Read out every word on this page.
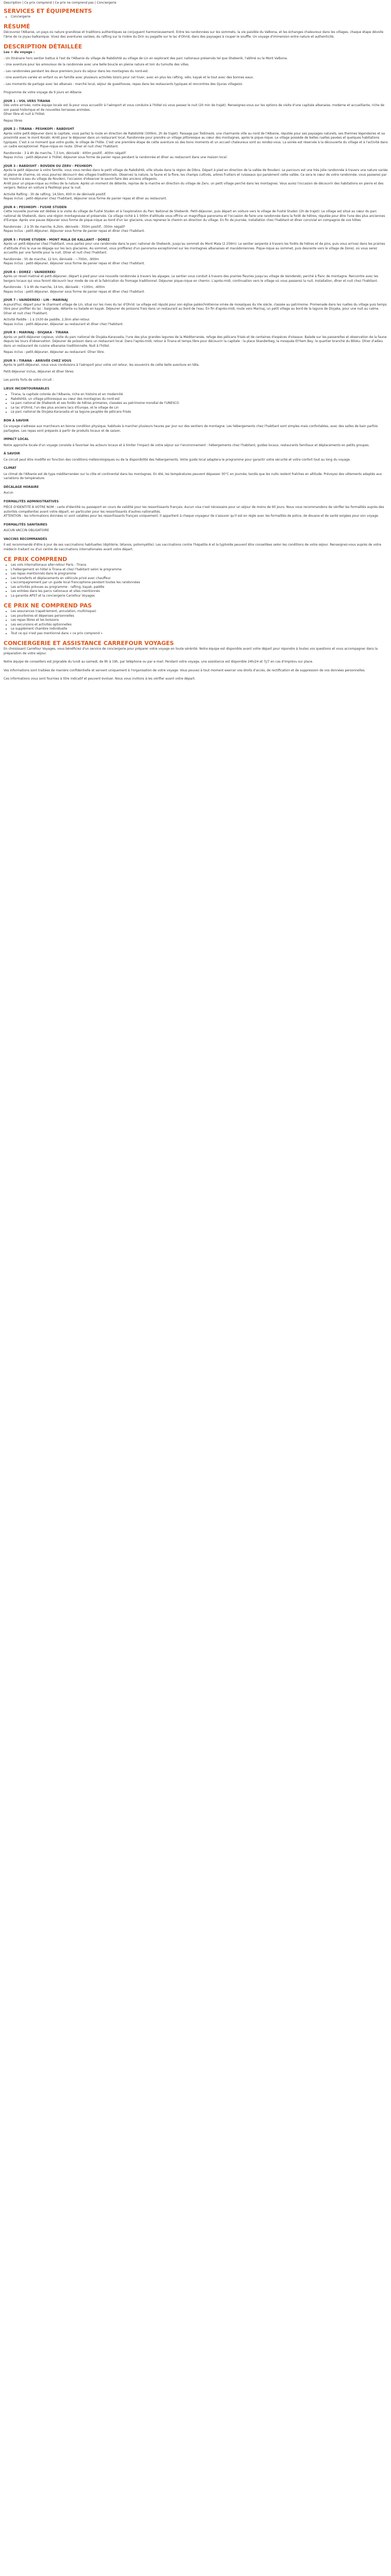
Description | Ce prix comprend | Ce prix ne comprend pas | Conciergerie
SERVICES ET ÉQUIPEMENTS
• Conciergerie
RÉSUMÉ

Découvrez l'Albanie, un pays où nature grandiose et traditions authentiques se conjuguent harmonieusement. Entre les randonnées sur les sommets, la vie paisible du Valbona, et les échanges chaleureux dans les villages, chaque étape dévoile l'âme de ce joyau balkanique. Vivez des aventures variées, du rafting sur la rivière du Drin ou pagaille sur le lac d'Ohrid, dans des paysages à couper le souffle. Un voyage d'immersion entre nature et authenticité.

DESCRIPTION DÉTAILLÉE

Les + du voyage :

- Un itinéraire hors sentier battus à l'est de l'Albanie du village de Rabdishtë au village de Lin en explorant des parc nationaux préservés tel que Shebenik, l'abîmé ou le Mont Valbona.

- Une aventure pour les amoureux de la randonnée avec une belle boucle en pleine nature et loin du tumulte des villes.

- Les randonnées pendant les deux premiers jours du séjour dans les montagnes du nord-est.

- Une aventure variée en enfant ou en famille avec plusieurs activités loisirs pour cet hiver, avec en plus les rafting, vélo, kayak et le tout avec des bonnes eaux.

- Les moments de partage avec les albanais : marché local, séjour de guesthouse, repas dans les restaurants typiques et rencontres des Gjuras villageois

Programme de votre voyage de 9 jours en Albanie

JOUR 1 : VOL VERS TIRANA

Dès votre arrivée, notre équipe locale est là pour vous accueillir à l'aéroport et vous conduire à l'hôtel où vous passez le nuit (20 min de trajet). Renseignez-vous sur les options de visite d'une capitale albanaise, moderne et accueillante, riche de son passé historique et de nouvelles terrasses animées.
Dîner libre et nuit à l'hôtel.

Repas libres

JOUR 2 : TIRANA - PESHKOPI - RABDISHT

Après votre petit-déjeuner dans la capitale, vous partez la route en direction de Rabdishtë (300km, 2h de trajet). Passage par Todimezë, une charmante ville au nord de l'Albanie, réputée pour ses paysages naturels, ses thermes légendaires et sa proximité avec le mont Korabi. Arrêt pour le déjeuner dans un restaurant local. Randonnée pour prendre un village pittoresque au cœur des montagnes, après le pique-nique. Le village possède de belles ruelles pavées et quelques habitations typiques. C'est à ce moment que votre guide, le village de l'hôte. C'est une première étape de cette aventure où des bons moments et un accueil chaleureux sont au rendez-vous. La soirée est réservée à la découverte du village et à l'activité dans un cadre exceptionnel. Pique-nique en route. Dîner et nuit chez l'habitant.

Randonnée : 3 à 4h de marche, 7,5 km, dénivelé : 400m positif, -400m négatif
Repas inclus : petit-déjeuner à l'hôtel, déjeuner sous forme de panier repas pendant la randonnée et dîner au restaurant dans une maison local.

JOUR 3 : RABDISHT - ROVDEN OU ZERV - PESHKOPI

Après le petit déjeuner à votre famille, vous vous rendez dans le petit village de Rabdishtë, ville située dans la région de Dibra. Départ à pied en direction de la vallée de Rovdeni. Le parcours est une très jolie randonnée à travers une nature variée et pleine de charme, où vous pourrez découvrir des villages traditionnels. Observez la nature, la faune et la flore, les champs cultivés, arbres fruitiers et ruisseaux qui parsèment cette vallée. Ce sera le cœur de votre randonnée, vous passerez par les moulins à eau du village de Rovdeni, l'occasion d'observer le savoir-faire des anciens villageois.
Arrêt pour un pique-nique au milieu de la nature. Après un moment de détente, reprise de la marche en direction du village de Zerv, un petit village perché dans les montagnes. Vous aurez l'occasion de découvrir des habitations en pierre et des vergers. Retour en voiture à Peshkopi pour la nuit.

Activité Rafting : 3h de rafting, 14,5km, 600 m de dénivelé positif.
Repas inclus : petit-déjeuner chez l'habitant, déjeuner sous forme de panier repas et dîner au restaurant.

JOUR 4 : PESHKOPI - FUSHE STUDEN

Cette nouvelle journée est dédiée à la visite du village de Fushë Studen et à l'exploration du Parc National de Shebenik. Petit-déjeuner, puis départ en voiture vers le village de Fushë Studen (2h de trajet). Le village est situé au cœur du parc national de Shebenik, dans une région montagneuse et préservée. Ce village niché à 1 000m d'altitude vous offrira un magnifique panorama et l'occasion de faire une randonnée dans la forêt de hêtres, réputée pour être l'une des plus anciennes d'Europe. Après une pause déjeuner sous forme de pique-nique au bord d'un lac glaciaire, vous reprenez le chemin en direction du village. En fin de journée, installation chez l'habitant et dîner convivial en compagnie de vos hôtes.

Randonnée : 2 à 3h de marche, 6,2km, dénivelé : 350m positif, -350m négatif
Repas inclus : petit-déjeuner, déjeuner sous forme de panier repas et dîner chez l'habitant.

JOUR 5 : FUSHE STUDEN - MONT MALA DE KALLANIT - DOREZ

Après un petit-déjeuner chez l'habitant, vous partez pour une randonnée dans le parc national de Shebenik, jusqu'au sommet du Mont Mala (2 259m). Le sentier serpente à travers les forêts de hêtres et de pins, puis vous arrivez dans les prairies d'altitude d'où la vue se dégage sur les lacs glaciaires. Au sommet, vous profiterez d'un panorama exceptionnel sur les montagnes albanaises et macédoniennes. Pique-nique au sommet, puis descente vers le village de Dorez, où vous serez accueillis par une famille pour la nuit. Dîner et nuit chez l'habitant.

Randonnée : 5h de marche, 12 km, dénivelé : ~700m, -900m
Repas inclus : petit-déjeuner, déjeuner sous forme de panier repas et dîner chez l'habitant.

JOUR 6 : DOREZ - VAINDEREKI

Après un réveil matinal et petit-déjeuner, départ à pied pour une nouvelle randonnée à travers les alpages. Le sentier vous conduit à travers des prairies fleuries jusqu'au village de Vaindereki, perché à flanc de montagne. Rencontre avec les bergers locaux qui vous feront découvrir leur mode de vie et la fabrication du fromage traditionnel. Déjeuner pique-nique en chemin. L'après-midi, continuation vers le village où vous passerez la nuit. Installation, dîner et nuit chez l'habitant.

Randonnée : 5 à 6h de marche, 14 km, dénivelé : +100m, -400m
Repas inclus : petit-déjeuner, déjeuner sous forme de panier repas et dîner chez l'habitant.

JOUR 7 : VAINDEREKI - LIN - MARINAJ

Aujourd'hui, départ pour le charmant village de Lin, situé sur les rives du lac d'Ohrid. Le village est réputé pour son église paléochrétienne ornée de mosaïques du VIe siècle, classée au patrimoine. Promenade dans les ruelles du village puis temps libre pour profiter du lac : baignade, détente ou balade en kayak. Déjeuner de poissons frais dans un restaurant au bord de l'eau. En fin d'après-midi, route vers Marinaj, un petit village au bord de la lagune de Divjaka, pour une nuit au calme. Dîner et nuit chez l'habitant.

Activité Paddle : 1 à 1h30 de paddle, 2,5km aller-retour.
Repas inclus : petit-déjeuner, déjeuner au restaurant et dîner chez l'habitant.

JOUR 8 : MARINAJ - DIVJAKA - TIRANA

Après un petit-déjeuner copieux, visite du parc national de Divjaka-Karavasta, l'une des plus grandes lagunes de la Méditerranée, refuge des pélicans frisés et de centaines d'espèces d'oiseaux. Balade sur les passerelles et observation de la faune depuis les tours d'observation. Déjeuner de poisson dans un restaurant local. Dans l'après-midi, retour à Tirana et temps libre pour découvrir la capitale : la place Skanderbeg, la mosquée Et'hem Bey, le quartier branché du Blloku. Dîner d'adieu dans un restaurant de cuisine albanaise traditionnelle. Nuit à l'hôtel.

Repas inclus : petit-déjeuner, déjeuner au restaurant. Dîner libre.

JOUR 9 : TIRANA - ARRIVÉE CHEZ VOUS

Après le petit-déjeuner, nous vous conduisons à l'aéroport pour votre vol retour, les souvenirs de cette belle aventure en tête.

Petit-déjeuner inclus, déjeuner et dîner libres

Les points forts de votre circuit :

LIEUX INCONTOURNABLES

• Tirana, la capitale colorée de l'Albanie, riche en histoire et en modernité
• Rabdishtë, un village pittoresque au cœur des montagnes du nord-est
• Le parc national de Shebenik et ses forêts de hêtres primaires, classées au patrimoine mondial de l'UNESCO
• Le lac d'Ohrid, l'un des plus anciens lacs d'Europe, et le village de Lin
• Le parc national de Divjaka-Karavasta et sa lagune peuplée de pélicans frisés

BON À SAVOIR

Ce voyage s'adresse aux marcheurs en bonne condition physique, habitués à marcher plusieurs heures par jour sur des sentiers de montagne. Les hébergements chez l'habitant sont simples mais confortables, avec des salles de bain parfois partagées. Les repas sont préparés à partir de produits locaux et de saison.

IMPACT LOCAL

Notre approche locale d'un voyage consiste à favoriser les acteurs locaux et à limiter l'impact de votre séjour sur l'environnement : hébergements chez l'habitant, guides locaux, restaurants familiaux et déplacements en petits groupes.

À SAVOIR

Ce circuit peut être modifié en fonction des conditions météorologiques ou de la disponibilité des hébergements. Votre guide local adaptera le programme pour garantir votre sécurité et votre confort tout au long du voyage.

CLIMAT

Le climat de l'Albanie est de type méditerranéen sur la côte et continental dans les montagnes. En été, les températures peuvent dépasser 30°C en journée, tandis que les nuits restent fraîches en altitude. Prévoyez des vêtements adaptés aux variations de température.

DÉCALAGE HORAIRE

Aucun

FORMALITÉS ADMINISTRATIVES

PIÈCE D'IDENTITÉ À VOTRE NOM : carte d'identité ou passeport en cours de validité pour les ressortissants français. Aucun visa n'est nécessaire pour un séjour de moins de 90 jours. Nous vous recommandons de vérifier les formalités auprès des autorités compétentes avant votre départ, en particulier pour les ressortissants d'autres nationalités.
ATTENTION : les informations données ici sont valables pour les ressortissants français uniquement. Il appartient à chaque voyageur de s'assurer qu'il est en règle avec les formalités de police, de douane et de santé exigées pour son voyage.

FORMALITÉS SANITAIRES

AUCUN VACCIN OBLIGATOIRE

VACCINS RECOMMANDÉS

Il est recommandé d'être à jour de ses vaccinations habituelles (diphtérie, tétanos, poliomyélite). Les vaccinations contre l'hépatite A et la typhoïde peuvent être conseillées selon les conditions de votre séjour. Renseignez-vous auprès de votre médecin traitant ou d'un centre de vaccinations internationales avant votre départ.

CE PRIX COMPREND
• Les vols internationaux aller-retour Paris - Tirana
• L'hébergement en hôtel à Tirana et chez l'habitant selon le programme
• Les repas mentionnés dans le programme
• Les transferts et déplacements en véhicule privé avec chauffeur
• L'accompagnement par un guide local francophone pendant toutes les randonnées
• Les activités prévues au programme : rafting, kayak, paddle
• Les entrées dans les parcs nationaux et sites mentionnés
• La garantie APST et la conciergerie Carrefour Voyages
CE PRIX NE COMPREND PAS
• Les assurances (rapatriement, annulation, multirisque)
• Les pourboires et dépenses personnelles
• Les repas libres et les boissons
• Les excursions et activités optionnelles
• Le supplément chambre individuelle
• Tout ce qui n'est pas mentionné dans « ce prix comprend »
CONCIERGERIE ET ASSISTANCE CARREFOUR VOYAGES

En choisissant Carrefour Voyages, vous bénéficiez d'un service de conciergerie pour préparer votre voyage en toute sérénité. Notre équipe est disponible avant votre départ pour répondre à toutes vos questions et vous accompagner dans la préparation de votre séjour.

Notre équipe de conseillers est joignable du lundi au samedi, de 9h à 19h, par téléphone ou par e-mail. Pendant votre voyage, une assistance est disponible 24h/24 et 7j/7 en cas d'imprévu sur place.

Vos informations sont traitées de manière confidentielle et servent uniquement à l'organisation de votre voyage. Vous pouvez à tout moment exercer vos droits d'accès, de rectification et de suppression de vos données personnelles.

Ces informations vous sont fournies à titre indicatif et peuvent évoluer. Nous vous invitons à les vérifier avant votre départ.
